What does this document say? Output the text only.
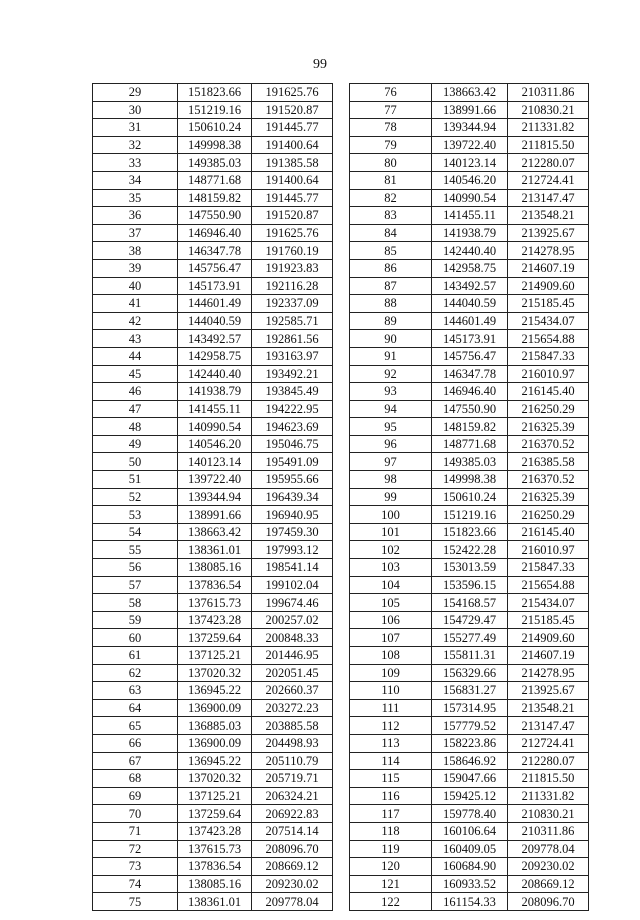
99
29	151823.66	191625.76
30	151219.16	191520.87
31	150610.24	191445.77
32	149998.38	191400.64
33	149385.03	191385.58
34	148771.68	191400.64
35	148159.82	191445.77
36	147550.90	191520.87
37	146946.40	191625.76
38	146347.78	191760.19
39	145756.47	191923.83
40	145173.91	192116.28
41	144601.49	192337.09
42	144040.59	192585.71
43	143492.57	192861.56
44	142958.75	193163.97
45	142440.40	193492.21
46	141938.79	193845.49
47	141455.11	194222.95
48	140990.54	194623.69
49	140546.20	195046.75
50	140123.14	195491.09
51	139722.40	195955.66
52	139344.94	196439.34
53	138991.66	196940.95
54	138663.42	197459.30
55	138361.01	197993.12
56	138085.16	198541.14
57	137836.54	199102.04
58	137615.73	199674.46
59	137423.28	200257.02
60	137259.64	200848.33
61	137125.21	201446.95
62	137020.32	202051.45
63	136945.22	202660.37
64	136900.09	203272.23
65	136885.03	203885.58
66	136900.09	204498.93
67	136945.22	205110.79
68	137020.32	205719.71
69	137125.21	206324.21
70	137259.64	206922.83
71	137423.28	207514.14
72	137615.73	208096.70
73	137836.54	208669.12
74	138085.16	209230.02
75	138361.01	209778.04
76	138663.42	210311.86
77	138991.66	210830.21
78	139344.94	211331.82
79	139722.40	211815.50
80	140123.14	212280.07
81	140546.20	212724.41
82	140990.54	213147.47
83	141455.11	213548.21
84	141938.79	213925.67
85	142440.40	214278.95
86	142958.75	214607.19
87	143492.57	214909.60
88	144040.59	215185.45
89	144601.49	215434.07
90	145173.91	215654.88
91	145756.47	215847.33
92	146347.78	216010.97
93	146946.40	216145.40
94	147550.90	216250.29
95	148159.82	216325.39
96	148771.68	216370.52
97	149385.03	216385.58
98	149998.38	216370.52
99	150610.24	216325.39
100	151219.16	216250.29
101	151823.66	216145.40
102	152422.28	216010.97
103	153013.59	215847.33
104	153596.15	215654.88
105	154168.57	215434.07
106	154729.47	215185.45
107	155277.49	214909.60
108	155811.31	214607.19
109	156329.66	214278.95
110	156831.27	213925.67
111	157314.95	213548.21
112	157779.52	213147.47
113	158223.86	212724.41
114	158646.92	212280.07
115	159047.66	211815.50
116	159425.12	211331.82
117	159778.40	210830.21
118	160106.64	210311.86
119	160409.05	209778.04
120	160684.90	209230.02
121	160933.52	208669.12
122	161154.33	208096.70
